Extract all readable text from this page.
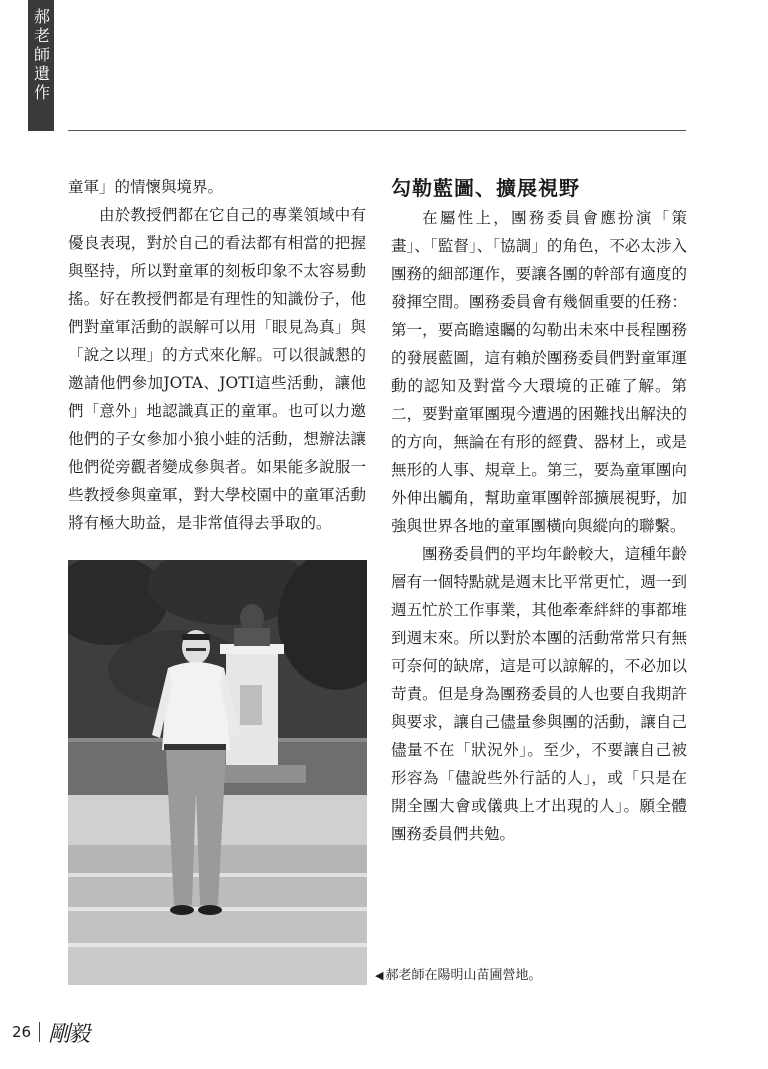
郝老師遺作

童軍」的情懷與境界。

由於教授們都在它自己的專業領域中有優良表現，對於自己的看法都有相當的把握與堅持，所以對童軍的刻板印象不太容易動搖。好在教授們都是有理性的知識份子，他們對童軍活動的誤解可以用「眼見為真」與「說之以理」的方式來化解。可以很誠懇的邀請他們參加JOTA、JOTI這些活動，讓他們「意外」地認識真正的童軍。也可以力邀他們的子女參加小狼小蛙的活動，想辦法讓他們從旁觀者變成參與者。如果能多說服一些教授參與童軍，對大學校園中的童軍活動將有極大助益，是非常值得去爭取的。

勾勒藍圖、擴展視野

在屬性上，團務委員會應扮演「策畫」、「監督」、「協調」的角色，不必太涉入團務的細部運作，要讓各團的幹部有適度的發揮空間。團務委員會有幾個重要的任務：第一，要高瞻遠矚的勾勒出未來中長程團務的發展藍圖，這有賴於團務委員們對童軍運動的認知及對當今大環境的正確了解。第二，要對童軍團現今遭遇的困難找出解決的的方向，無論在有形的經費、器材上，或是無形的人事、規章上。第三，要為童軍團向外伸出觸角，幫助童軍團幹部擴展視野，加強與世界各地的童軍團橫向與縱向的聯繫。

團務委員們的平均年齡較大，這種年齡層有一個特點就是週末比平常更忙，週一到週五忙於工作事業，其他牽牽絆絆的事都堆到週末來。所以對於本團的活動常常只有無可奈何的缺席，這是可以諒解的，不必加以苛責。但是身為團務委員的人也要自我期許與要求，讓自己儘量參與團的活動，讓自己儘量不在「狀況外」。至少，不要讓自己被形容為「儘說些外行話的人」，或「只是在開全團大會或儀典上才出現的人」。願全體團務委員們共勉。

◀ 郝老師在陽明山苗圃營地。
26 剛毅
